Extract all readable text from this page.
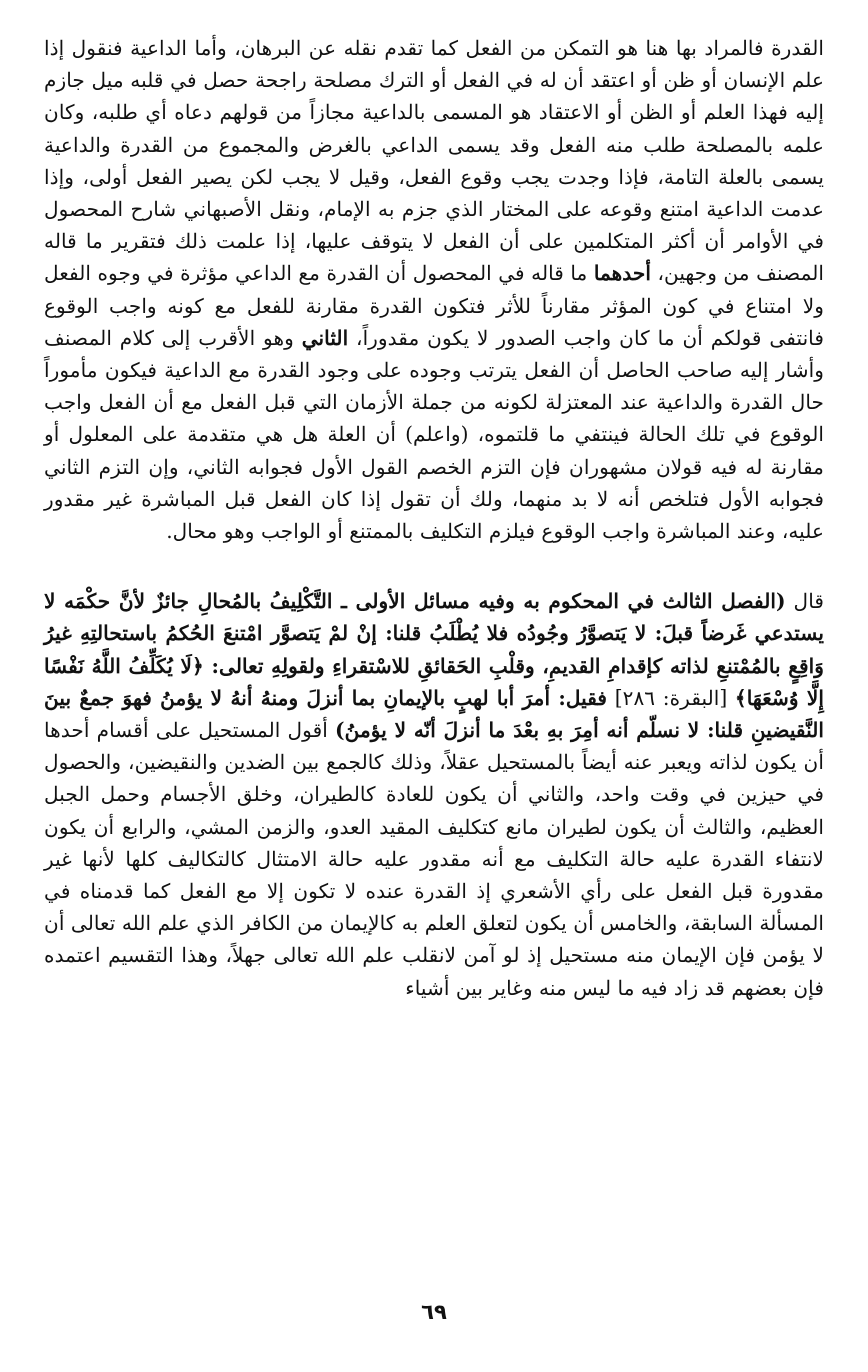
القدرة فالمراد بها هنا هو التمكن من الفعل كما تقدم نقله عن البرهان، وأما الداعية فنقول إذا علم الإنسان أو ظن أو اعتقد أن له في الفعل أو الترك مصلحة راجحة حصل في قلبه ميل جازم إليه فهذا العلم أو الظن أو الاعتقاد هو المسمى بالداعية مجازاً من قولهم دعاه أي طلبه، وكان علمه بالمصلحة طلب منه الفعل وقد يسمى الداعي بالغرض والمجموع من القدرة والداعية يسمى بالعلة التامة، فإذا وجدت يجب وقوع الفعل، وقيل لا يجب لكن يصير الفعل أولى، وإذا عدمت الداعية امتنع وقوعه على المختار الذي جزم به الإمام، ونقل الأصبهاني شارح المحصول في الأوامر أن أكثر المتكلمين على أن الفعل لا يتوقف عليها، إذا علمت ذلك فتقرير ما قاله المصنف من وجهين، أحدهما ما قاله في المحصول أن القدرة مع الداعي مؤثرة في وجوه الفعل ولا امتناع في كون المؤثر مقارناً للأثر فتكون القدرة مقارنة للفعل مع كونه واجب الوقوع فانتفى قولكم أن ما كان واجب الصدور لا يكون مقدوراً، الثاني وهو الأقرب إلى كلام المصنف وأشار إليه صاحب الحاصل أن الفعل يترتب وجوده على وجود القدرة مع الداعية فيكون مأموراً حال القدرة والداعية عند المعتزلة لكونه من جملة الأزمان التي قبل الفعل مع أن الفعل واجب الوقوع في تلك الحالة فينتفي ما قلتموه، (واعلم) أن العلة هل هي متقدمة على المعلول أو مقارنة له فيه قولان مشهوران فإن التزم الخصم القول الأول فجوابه الثاني، وإن التزم الثاني فجوابه الأول فتلخص أنه لا بد منهما، ولك أن تقول إذا كان الفعل قبل المباشرة غير مقدور عليه، وعند المباشرة واجب الوقوع فيلزم التكليف بالممتنع أو الواجب وهو محال.

قال (الفصل الثالث في المحكوم به وفيه مسائل الأولى ـ التَّكْلِيفُ بالمُحالِ جائزٌ لأنَّ حكْمَه لا يستدعي غَرضاً قبلَ: لا يَتصوَّرُ وجُودُه فلا يُطْلَبُ قلنا: إنْ لمْ يَتصوَّر امْتنعَ الحُكمُ باستحالتِهِ غيرُ وَاقِعٍ بالمُمْتنعِ لذاته كإقدامِ القديمِ، وقلْبِ الحَقائقِ للاسْتقراءِ ولقولِهِ تعالى: ﴿لَا يُكَلِّفُ اللَّهُ نَفْسًا إِلَّا وُسْعَهَا﴾ [البقرة: ٢٨٦] فقيل: أمرَ أبا لهبٍ بالإيمانِ بما أنزلَ ومنهُ أنهُ لا يؤمنُ فهوَ جمعٌ بينَ النَّقيضينِ قلنا: لا نسلّم أنه أمِرَ بهِ بعْدَ ما أنزلَ أنّه لا يؤمنُ) أقول المستحيل على أقسام أحدها أن يكون لذاته ويعبر عنه أيضاً بالمستحيل عقلاً، وذلك كالجمع بين الضدين والنقيضين، والحصول في حيزين في وقت واحد، والثاني أن يكون للعادة كالطيران، وخلق الأجسام وحمل الجبل العظيم، والثالث أن يكون لطيران مانع كتكليف المقيد العدو، والزمن المشي، والرابع أن يكون لانتفاء القدرة عليه حالة التكليف مع أنه مقدور عليه حالة الامتثال كالتكاليف كلها لأنها غير مقدورة قبل الفعل على رأي الأشعري إذ القدرة عنده لا تكون إلا مع الفعل كما قدمناه في المسألة السابقة، والخامس أن يكون لتعلق العلم به كالإيمان من الكافر الذي علم الله تعالى أن لا يؤمن فإن الإيمان منه مستحيل إذ لو آمن لانقلب علم الله تعالى جهلاً، وهذا التقسيم اعتمده فإن بعضهم قد زاد فيه ما ليس منه وغاير بين أشياء

٦٩
